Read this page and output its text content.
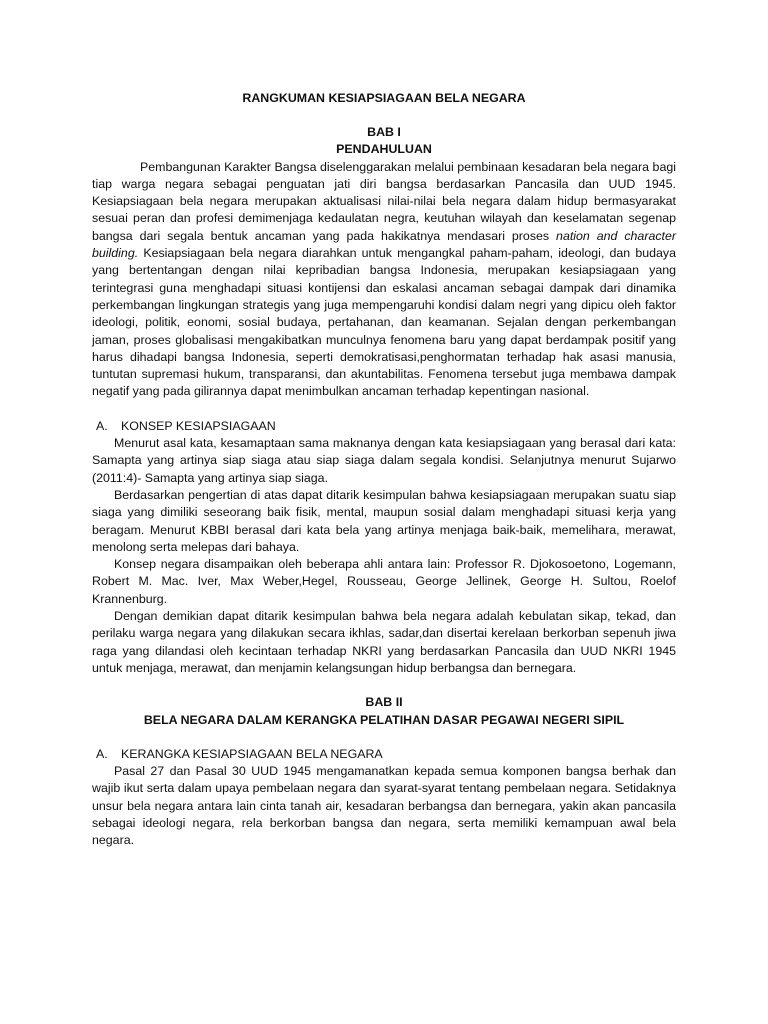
RANGKUMAN KESIAPSIAGAAN BELA NEGARA
BAB I
PENDAHULUAN

Pembangunan Karakter Bangsa diselenggarakan melalui pembinaan kesadaran bela negara bagi tiap warga negara sebagai penguatan jati diri bangsa berdasarkan Pancasila dan UUD 1945. Kesiapsiagaan bela negara merupakan aktualisasi nilai-nilai bela negara dalam hidup bermasyarakat sesuai peran dan profesi demimenjaga kedaulatan negra, keutuhan wilayah dan keselamatan segenap bangsa dari segala bentuk ancaman yang pada hakikatnya mendasari proses nation and character building. Kesiapsiagaan bela negara diarahkan untuk mengangkal paham-paham, ideologi, dan budaya yang bertentangan dengan nilai kepribadian bangsa Indonesia, merupakan kesiapsiagaan yang terintegrasi guna menghadapi situasi kontijensi dan eskalasi ancaman sebagai dampak dari dinamika perkembangan lingkungan strategis yang juga mempengaruhi kondisi dalam negri yang dipicu oleh faktor ideologi, politik, eonomi, sosial budaya, pertahanan, dan keamanan. Sejalan dengan perkembangan jaman, proses globalisasi mengakibatkan munculnya fenomena baru yang dapat berdampak positif yang harus dihadapi bangsa Indonesia, seperti demokratisasi,penghormatan terhadap hak asasi manusia, tuntutan supremasi hukum, transparansi, dan akuntabilitas. Fenomena tersebut juga membawa dampak negatif yang pada gilirannya dapat menimbulkan ancaman terhadap kepentingan nasional.

A.	KONSEP KESIAPSIAGAAN

Menurut asal kata, kesamaptaan sama maknanya dengan kata kesiapsiagaan yang berasal dari kata: Samapta yang artinya siap siaga atau siap siaga dalam segala kondisi. Selanjutnya menurut Sujarwo (2011:4)- Samapta yang artinya siap siaga.

Berdasarkan pengertian di atas dapat ditarik kesimpulan bahwa kesiapsiagaan merupakan suatu siap siaga yang dimiliki seseorang baik fisik, mental, maupun sosial dalam menghadapi situasi kerja yang beragam. Menurut KBBI berasal dari kata bela yang artinya menjaga baik-baik, memelihara, merawat, menolong serta melepas dari bahaya.

Konsep negara disampaikan oleh beberapa ahli antara lain: Professor R. Djokosoetono, Logemann, Robert M. Mac. Iver, Max Weber,Hegel, Rousseau, George Jellinek, George H. Sultou, Roelof Krannenburg.

Dengan demikian dapat ditarik kesimpulan bahwa bela negara adalah kebulatan sikap, tekad, dan perilaku warga negara yang dilakukan secara ikhlas, sadar,dan disertai kerelaan berkorban sepenuh jiwa raga yang dilandasi oleh kecintaan terhadap NKRI yang berdasarkan Pancasila dan UUD NKRI 1945 untuk menjaga, merawat, dan menjamin kelangsungan hidup berbangsa dan bernegara.

BAB II
BELA NEGARA DALAM KERANGKA PELATIHAN DASAR PEGAWAI NEGERI SIPIL
A.	KERANGKA KESIAPSIAGAAN BELA NEGARA

Pasal 27 dan Pasal 30 UUD 1945 mengamanatkan kepada semua komponen bangsa berhak dan wajib ikut serta dalam upaya pembelaan negara dan syarat-syarat tentang pembelaan negara. Setidaknya unsur bela negara antara lain cinta tanah air, kesadaran berbangsa dan bernegara, yakin akan pancasila sebagai ideologi negara, rela berkorban bangsa dan negara, serta memiliki kemampuan awal bela negara.
